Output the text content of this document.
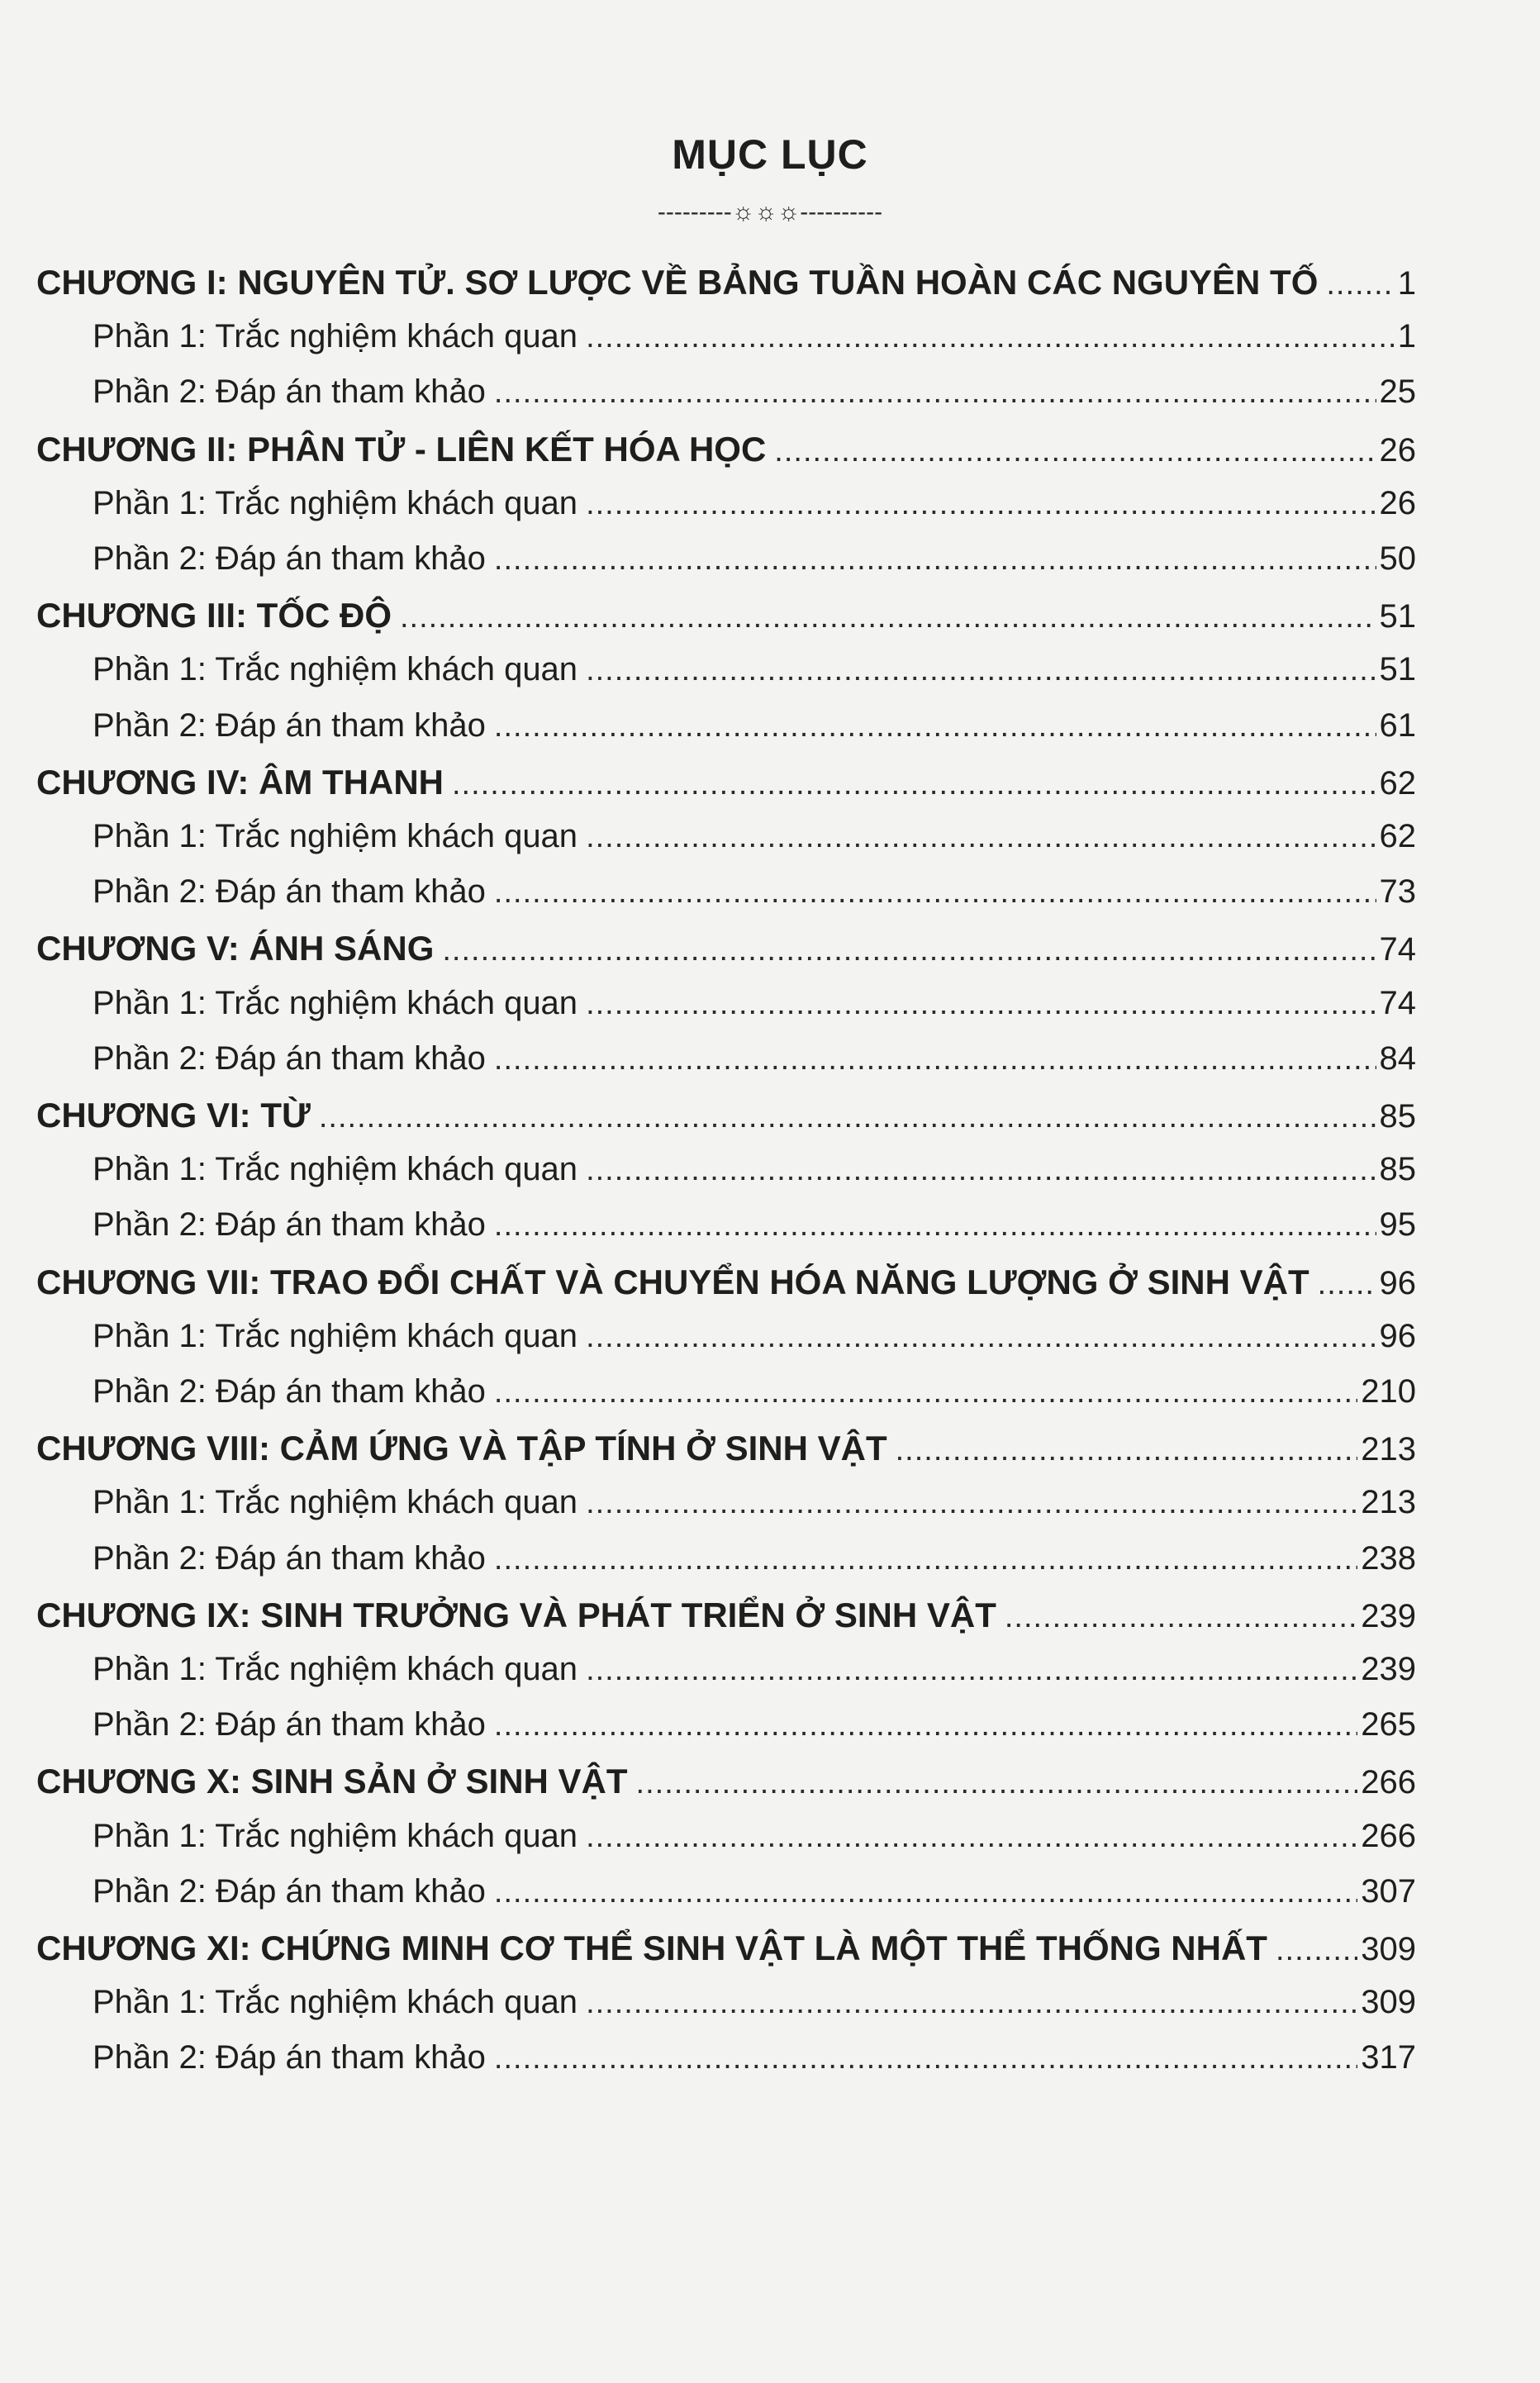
MỤC LỤC
---------☼☼☼----------
CHƯƠNG I: NGUYÊN TỬ. SƠ LƯỢC VỀ BẢNG TUẦN HOÀN CÁC NGUYÊN TỐ ..... 1
Phần 1: Trắc nghiệm khách quan .....	1
Phần 2: Đáp án tham khảo .....	25
CHƯƠNG II: PHÂN TỬ - LIÊN KẾT HÓA HỌC .....	26
Phần 1: Trắc nghiệm khách quan .....	26
Phần 2: Đáp án tham khảo .....	50
CHƯƠNG III: TỐC ĐỘ .....	51
Phần 1: Trắc nghiệm khách quan .....	51
Phần 2: Đáp án tham khảo .....	61
CHƯƠNG IV: ÂM THANH .....	62
Phần 1: Trắc nghiệm khách quan .....	62
Phần 2: Đáp án tham khảo .....	73
CHƯƠNG V: ÁNH SÁNG .....	74
Phần 1: Trắc nghiệm khách quan .....	74
Phần 2: Đáp án tham khảo .....	84
CHƯƠNG VI: TỪ .....	85
Phần 1: Trắc nghiệm khách quan .....	85
Phần 2: Đáp án tham khảo .....	95
CHƯƠNG VII: TRAO ĐỔI CHẤT VÀ CHUYỂN HÓA NĂNG LƯỢNG Ở SINH VẬT ..... 96
Phần 1: Trắc nghiệm khách quan .....	96
Phần 2: Đáp án tham khảo .....	210
CHƯƠNG VIII: CẢM ỨNG VÀ TẬP TÍNH Ở SINH VẬT .....	213
Phần 1: Trắc nghiệm khách quan .....	213
Phần 2: Đáp án tham khảo .....	238
CHƯƠNG IX: SINH TRƯỞNG VÀ PHÁT TRIỂN Ở SINH VẬT .....	239
Phần 1: Trắc nghiệm khách quan .....	239
Phần 2: Đáp án tham khảo .....	265
CHƯƠNG X: SINH SẢN Ở SINH VẬT .....	266
Phần 1: Trắc nghiệm khách quan .....	266
Phần 2: Đáp án tham khảo .....	307
CHƯƠNG XI: CHỨNG MINH CƠ THỂ SINH VẬT LÀ MỘT THỂ THỐNG NHẤT .....	309
Phần 1: Trắc nghiệm khách quan .....	309
Phần 2: Đáp án tham khảo .....	317
